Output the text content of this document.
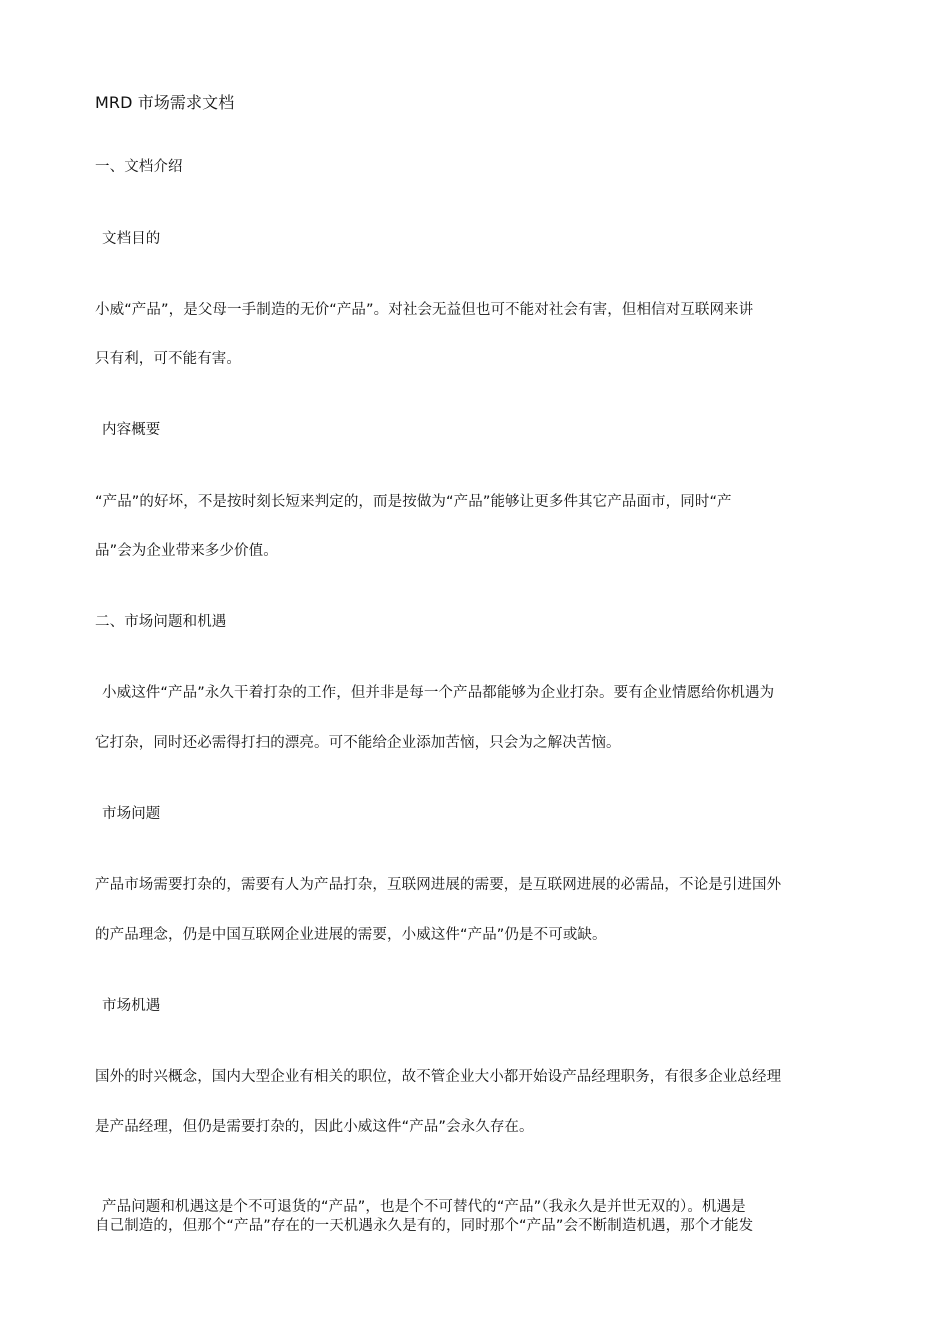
MRD 市场需求文档
一、文档介绍
文档目的
小威“产品”，是父母一手制造的无价“产品”。对社会无益但也可不能对社会有害，但相信对互联网来讲
只有利，可不能有害。
内容概要
“产品”的好坏，不是按时刻长短来判定的，而是按做为“产品”能够让更多件其它产品面市，同时“产
品”会为企业带来多少价值。
二、市场问题和机遇
小威这件“产品”永久干着打杂的工作，但并非是每一个产品都能够为企业打杂。要有企业情愿给你机遇为
它打杂，同时还必需得打扫的漂亮。可不能给企业添加苦恼，只会为之解决苦恼。
市场问题
产品市场需要打杂的，需要有人为产品打杂，互联网进展的需要，是互联网进展的必需品，不论是引进国外
的产品理念，仍是中国互联网企业进展的需要，小威这件“产品”仍是不可或缺。
市场机遇
国外的时兴概念，国内大型企业有相关的职位，故不管企业大小都开始设产品经理职务，有很多企业总经理
是产品经理，但仍是需要打杂的，因此小威这件“产品”会永久存在。
产品问题和机遇这是个不可退货的“产品”，也是个不可替代的“产品”（我永久是并世无双的）。机遇是
自己制造的，但那个“产品”存在的一天机遇永久是有的，同时那个“产品”会不断制造机遇，那个才能发
